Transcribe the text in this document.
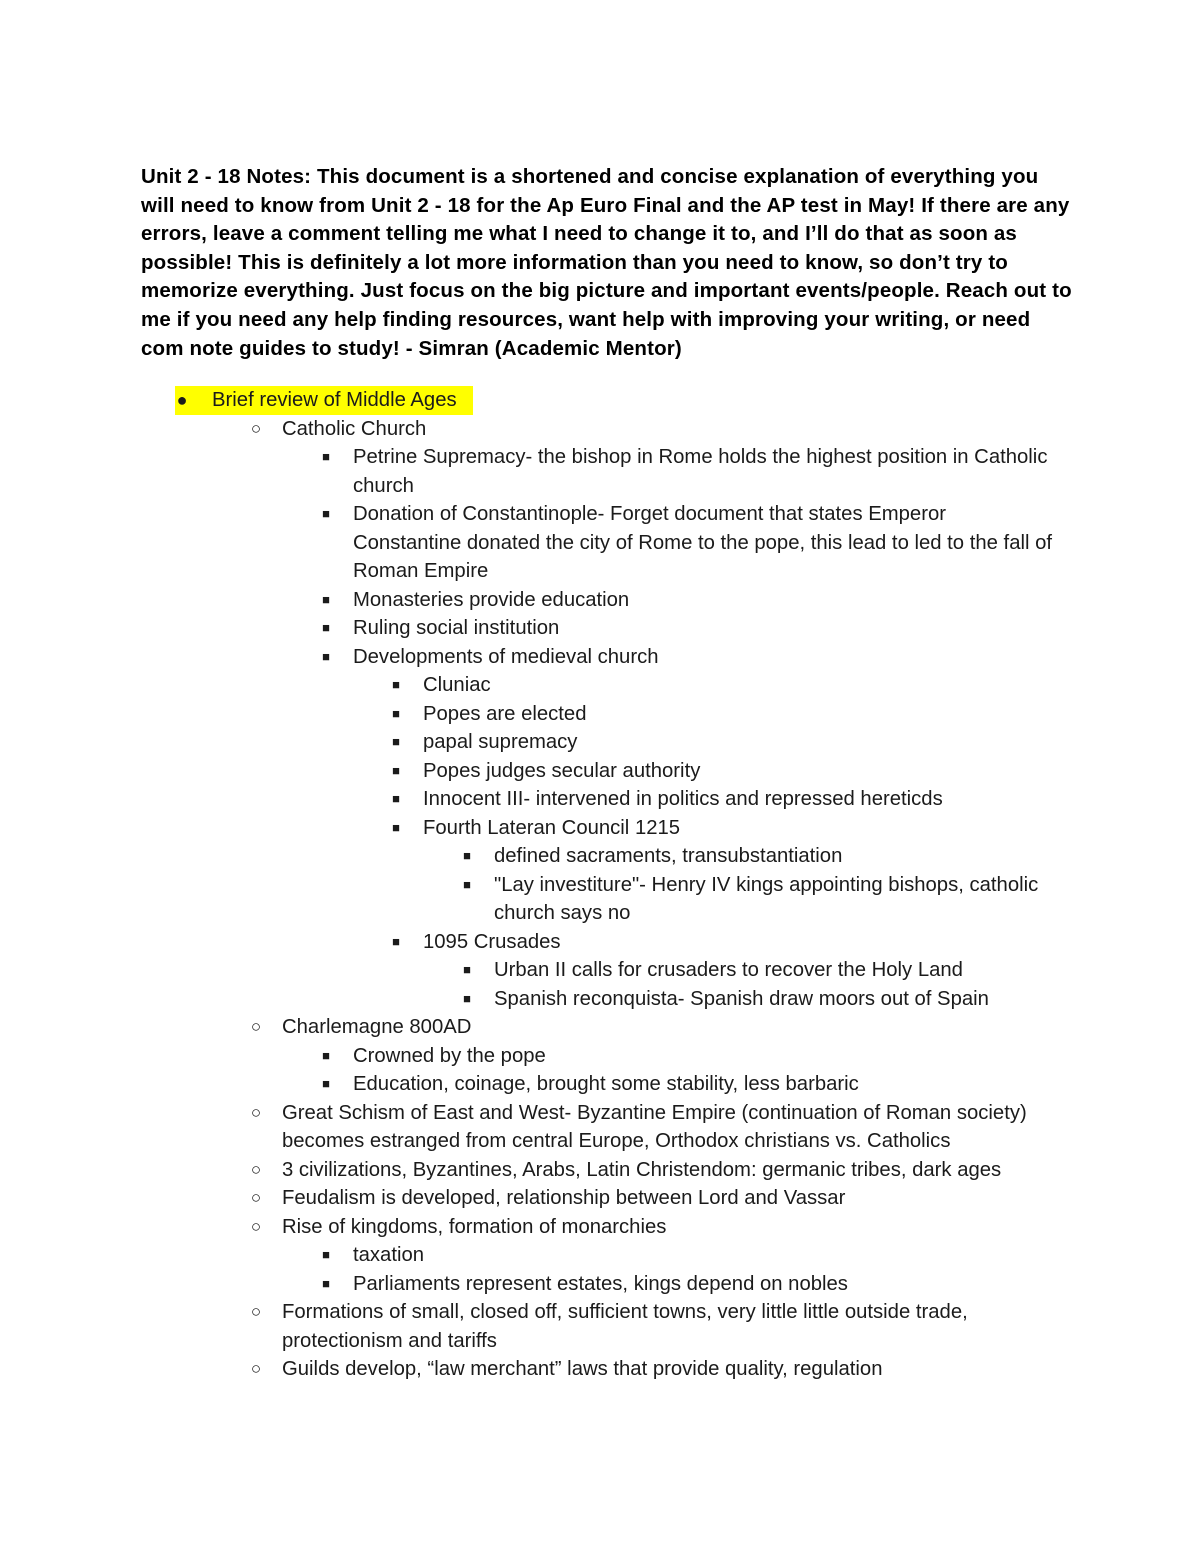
Unit 2 - 18 Notes: This document is a shortened and concise explanation of everything you will need to know from Unit 2 - 18 for the Ap Euro Final and the AP test in May! If there are any errors, leave a comment telling me what I need to change it to, and I’ll do that as soon as possible! This is definitely a lot more information than you need to know, so don’t try to memorize everything. Just focus on the big picture and important events/people. Reach out to me if you need any help finding resources, want help with improving your writing, or need com note guides to study! - Simran (Academic Mentor)

● Brief review of Middle Ages
○ Catholic Church
■ Petrine Supremacy- the bishop in Rome holds the highest position in Catholic church
■ Donation of Constantinople- Forget document that states Emperor Constantine donated the city of Rome to the pope, this lead to led to the fall of Roman Empire
■ Monasteries provide education
■ Ruling social institution
■ Developments of medieval church
■ Cluniac
■ Popes are elected
■ papal supremacy
■ Popes judges secular authority
■ Innocent III- intervened in politics and repressed hereticds
■ Fourth Lateran Council 1215
■ defined sacraments, transubstantiation
■ "Lay investiture"- Henry IV kings appointing bishops, catholic church says no
■ 1095 Crusades
■ Urban II calls for crusaders to recover the Holy Land
■ Spanish reconquista- Spanish draw moors out of Spain
○ Charlemagne 800AD
■ Crowned by the pope
■ Education, coinage, brought some stability, less barbaric
○ Great Schism of East and West- Byzantine Empire (continuation of Roman society) becomes estranged from central Europe, Orthodox christians vs. Catholics
○ 3 civilizations, Byzantines, Arabs, Latin Christendom: germanic tribes, dark ages
○ Feudalism is developed, relationship between Lord and Vassar
○ Rise of kingdoms, formation of monarchies
■ taxation
■ Parliaments represent estates, kings depend on nobles
○ Formations of small, closed off, sufficient towns, very little little outside trade, protectionism and tariffs
○ Guilds develop, “law merchant” laws that provide quality, regulation
